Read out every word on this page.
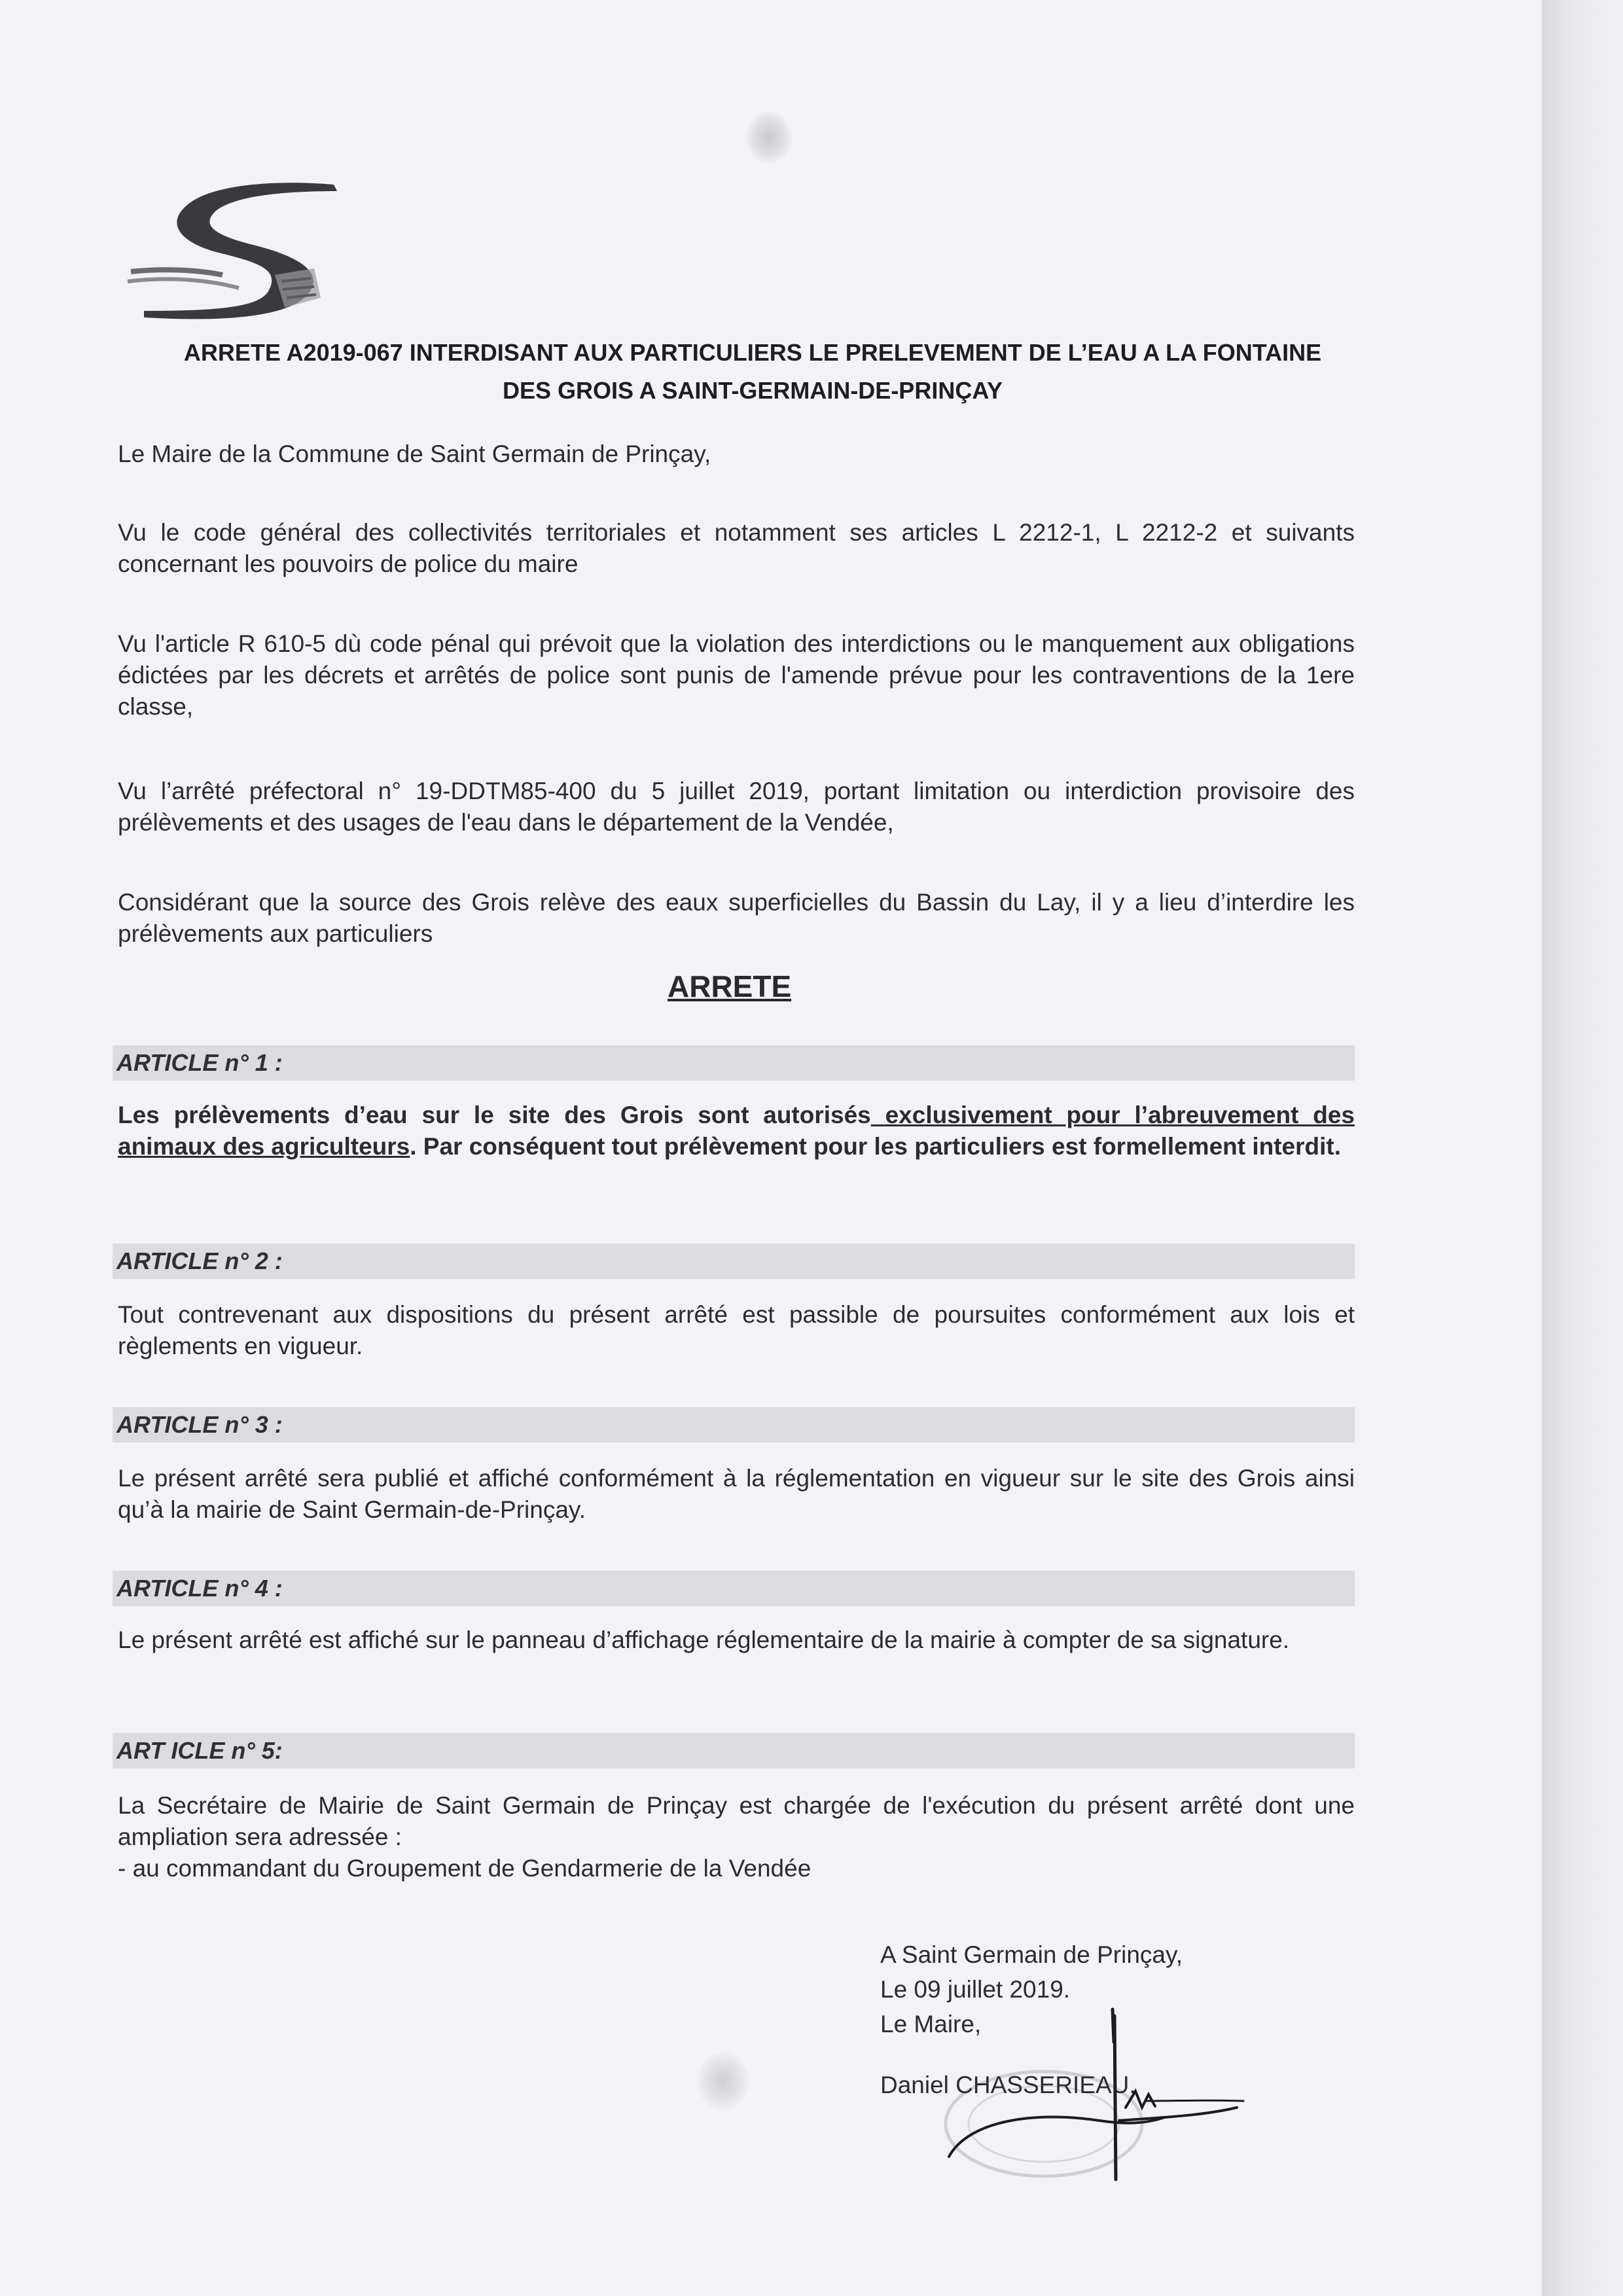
ARRETE A2019-067 INTERDISANT AUX PARTICULIERS LE PRELEVEMENT DE L’EAU A LA FONTAINE
DES GROIS A SAINT-GERMAIN-DE-PRINÇAY

Le Maire de la Commune de Saint Germain de Prinçay,

Vu le code général des collectivités territoriales et notamment ses articles L 2212-1, L 2212-2 et suivants concernant les pouvoirs de police du maire

Vu l'article R 610-5 dù code pénal qui prévoit que la violation des interdictions ou le manquement aux obligations édictées par les décrets et arrêtés de police sont punis de l'amende prévue pour les contraventions de la 1ere classe,

Vu l’arrêté préfectoral n° 19-DDTM85-400 du 5 juillet 2019, portant limitation ou interdiction provisoire des prélèvements et des usages de l'eau dans le département de la Vendée,

Considérant que la source des Grois relève des eaux superficielles du Bassin du Lay, il y a lieu d’interdire les prélèvements aux particuliers

ARRETE
ARTICLE n° 1 :

Les prélèvements d’eau sur le site des Grois sont autorisés exclusivement pour l’abreuvement des animaux des agriculteurs. Par conséquent tout prélèvement pour les particuliers est formellement interdit.

ARTICLE n° 2 :

Tout contrevenant aux dispositions du présent arrêté est passible de poursuites conformément aux lois et règlements en vigueur.

ARTICLE n° 3 :

Le présent arrêté sera publié et affiché conformément à la réglementation en vigueur sur le site des Grois ainsi qu’à la mairie de Saint Germain-de-Prinçay.

ARTICLE n° 4 :

Le présent arrêté est affiché sur le panneau d’affichage réglementaire de la mairie à compter de sa signature.

ART ICLE n° 5:

La Secrétaire de Mairie de Saint Germain de Prinçay est chargée de l'exécution du présent arrêté dont une ampliation sera adressée :

- au commandant du Groupement de Gendarmerie de la Vendée

A Saint Germain de Prinçay,
Le 09 juillet 2019.
Le Maire,
Daniel CHASSERIEAU.
